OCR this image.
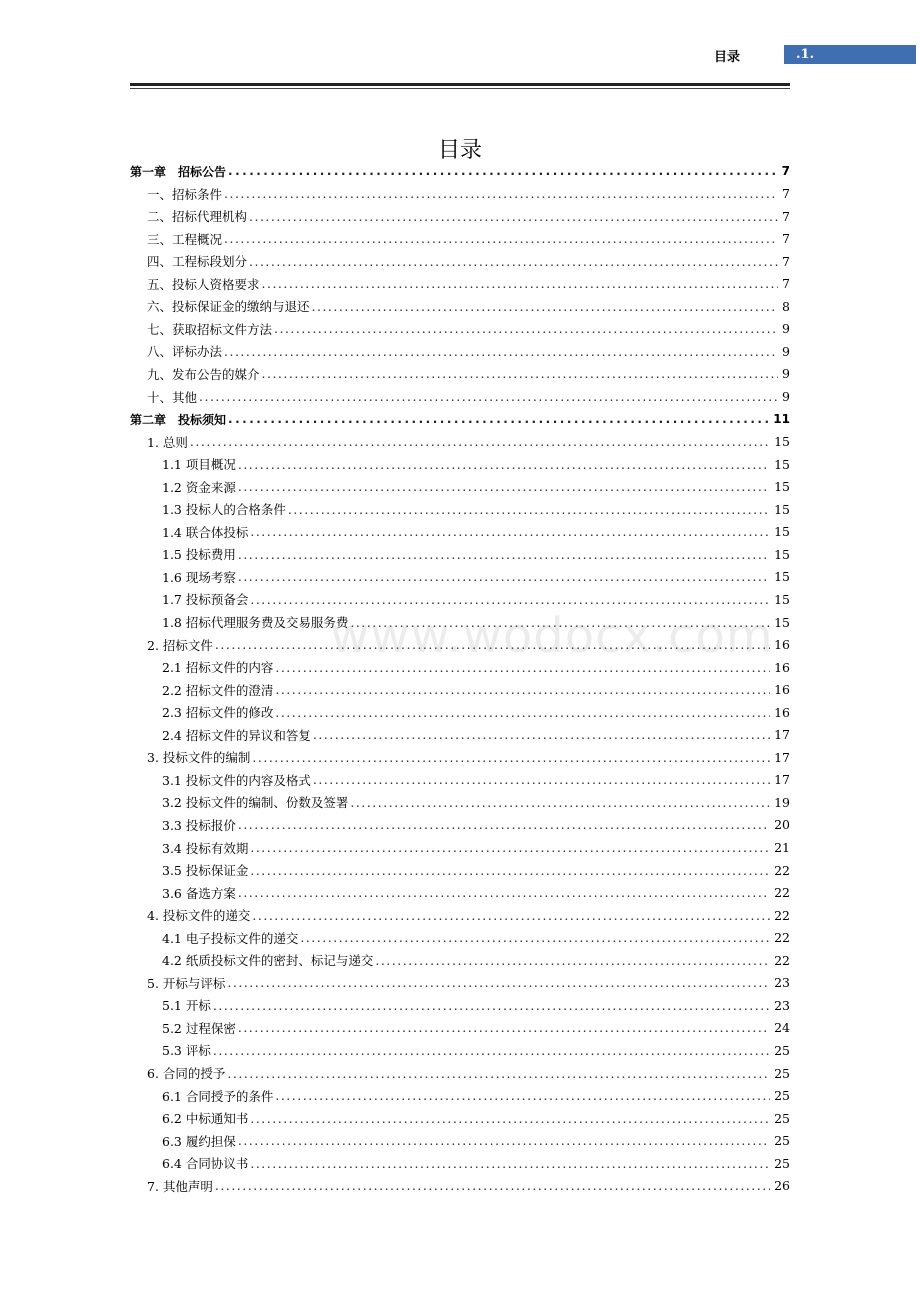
目录	.1.
目录
第一章　招标公告 .....	7
一、招标条件 .....	7
二、招标代理机构 .....	7
三、工程概况 .....	7
四、工程标段划分 .....	7
五、投标人资格要求 .....	7
六、投标保证金的缴纳与退还 .....	8
七、获取招标文件方法 .....	9
八、评标办法 .....	9
九、发布公告的媒介 .....	9
十、其他 .....	9
第二章　投标须知 .....	11
1. 总则 .....	15
1.1 项目概况 .....	15
1.2 资金来源 .....	15
1.3 投标人的合格条件 .....	15
1.4 联合体投标 .....	15
1.5 投标费用 .....	15
1.6 现场考察 .....	15
1.7 投标预备会 .....	15
1.8 招标代理服务费及交易服务费 .....	15
2. 招标文件 .....	16
2.1 招标文件的内容 .....	16
2.2 招标文件的澄清 .....	16
2.3 招标文件的修改 .....	16
2.4 招标文件的异议和答复 .....	17
3. 投标文件的编制 .....	17
3.1 投标文件的内容及格式 .....	17
3.2 投标文件的编制、份数及签署 .....	19
3.3 投标报价 .....	20
3.4 投标有效期 .....	21
3.5 投标保证金 .....	22
3.6 备选方案 .....	22
4. 投标文件的递交 .....	22
4.1 电子投标文件的递交 .....	22
4.2 纸质投标文件的密封、标记与递交 .....	22
5. 开标与评标 .....	23
5.1 开标 .....	23
5.2 过程保密 .....	24
5.3 评标 .....	25
6. 合同的授予 .....	25
6.1 合同授予的条件 .....	25
6.2 中标通知书 .....	25
6.3 履约担保 .....	25
6.4 合同协议书 .....	25
7. 其他声明 .....	26
www.wodocx.com
